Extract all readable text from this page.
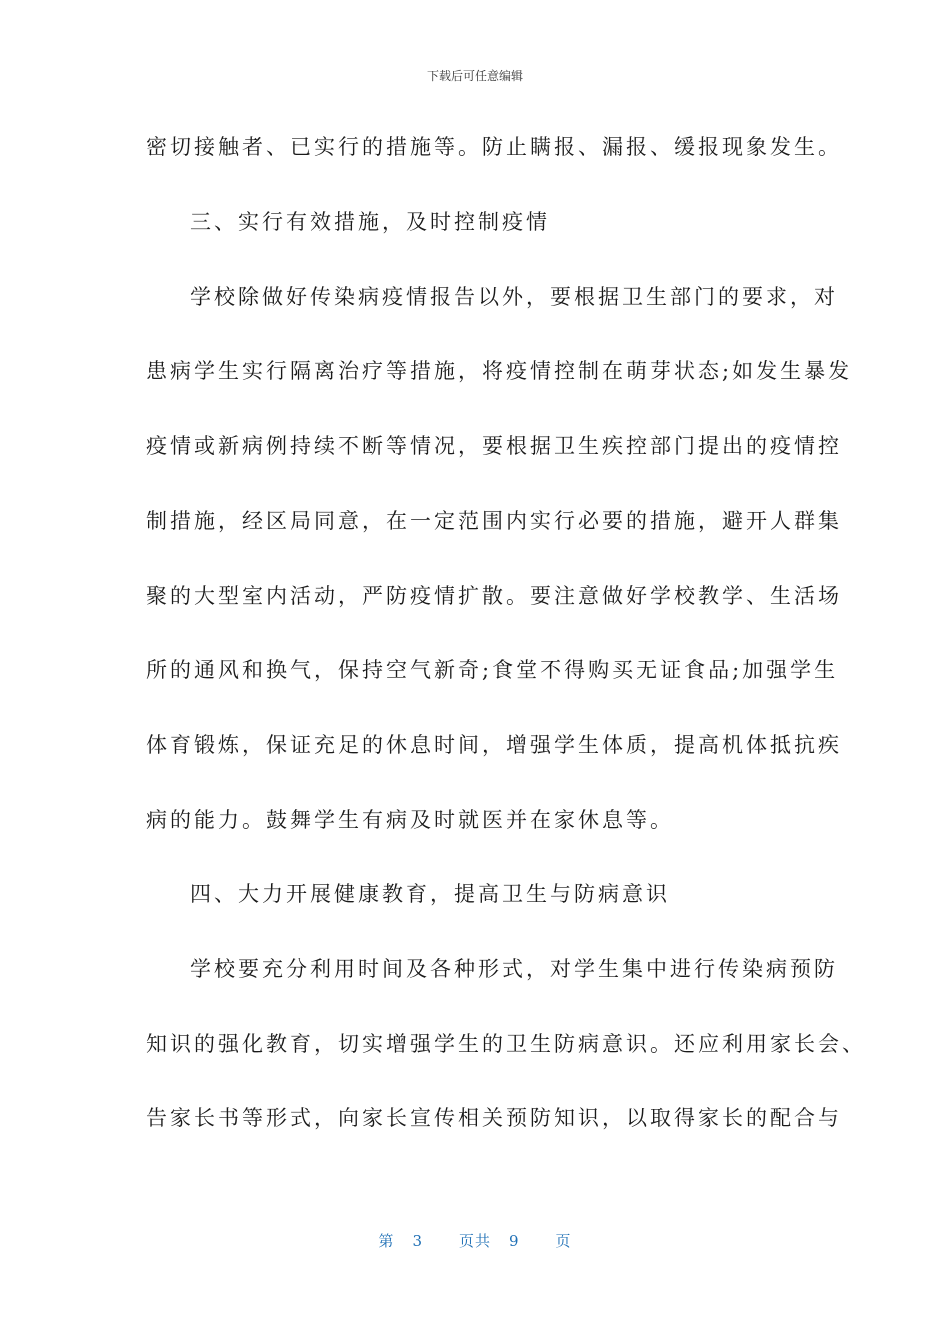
下载后可任意编辑
密切接触者、已实行的措施等。防止瞒报、漏报、缓报现象发生。
三、实行有效措施，及时控制疫情
学校除做好传染病疫情报告以外，要根据卫生部门的要求，对
患病学生实行隔离治疗等措施，将疫情控制在萌芽状态;如发生暴发
疫情或新病例持续不断等情况，要根据卫生疾控部门提出的疫情控
制措施，经区局同意，在一定范围内实行必要的措施，避开人群集
聚的大型室内活动，严防疫情扩散。要注意做好学校教学、生活场
所的通风和换气，保持空气新奇;食堂不得购买无证食品;加强学生
体育锻炼，保证充足的休息时间，增强学生体质，提高机体抵抗疾
病的能力。鼓舞学生有病及时就医并在家休息等。
四、大力开展健康教育，提高卫生与防病意识
学校要充分利用时间及各种形式，对学生集中进行传染病预防
知识的强化教育，切实增强学生的卫生防病意识。还应利用家长会、
告家长书等形式，向家长宣传相关预防知识，以取得家长的配合与
第 3 页共 9 页
